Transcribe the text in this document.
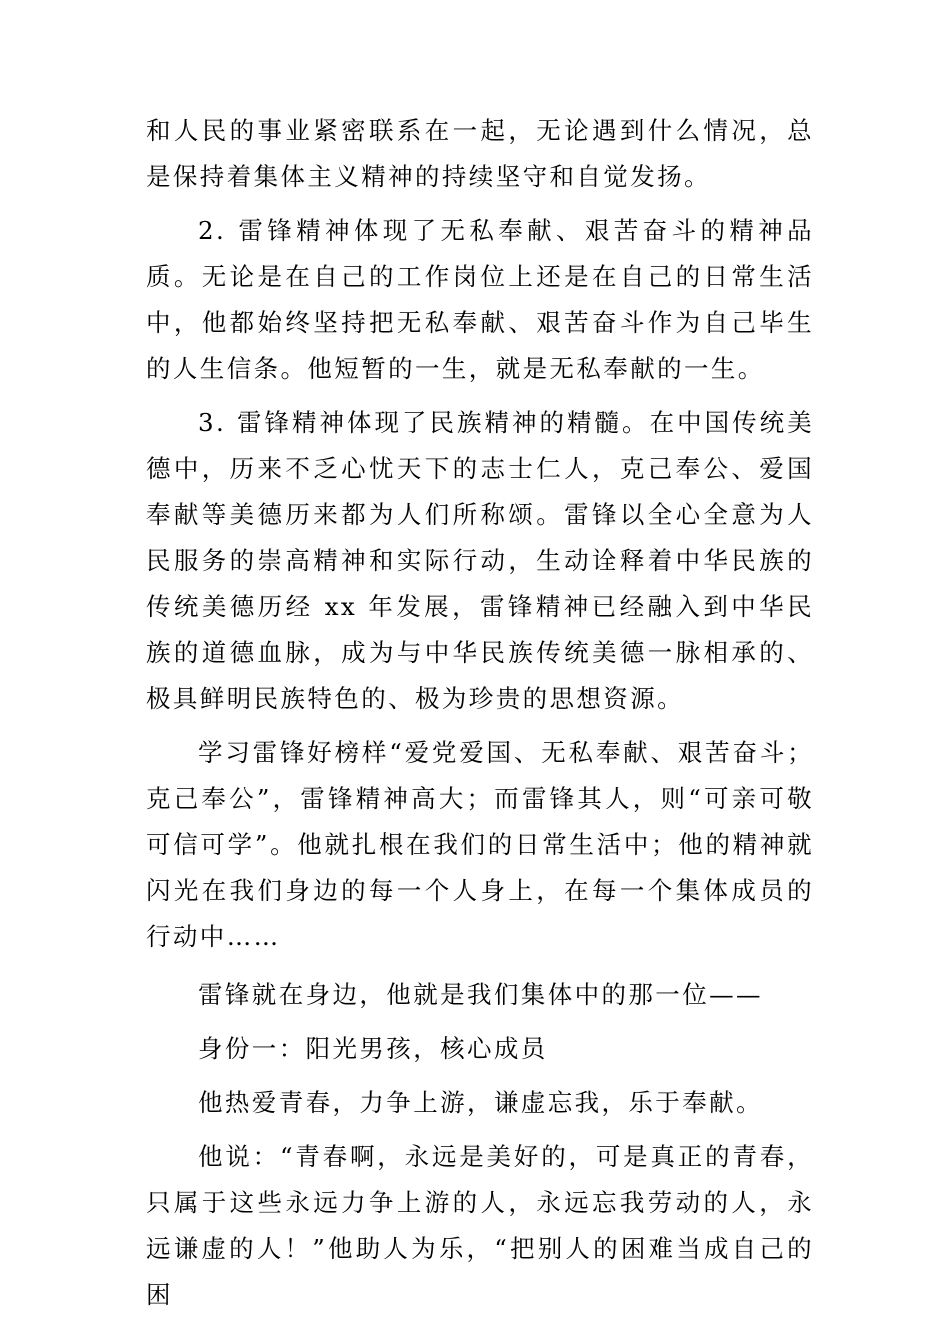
和人民的事业紧密联系在一起，无论遇到什么情况，总是保持着集体主义精神的持续坚守和自觉发扬。

2. 雷锋精神体现了无私奉献、艰苦奋斗的精神品质。无论是在自己的工作岗位上还是在自己的日常生活中，他都始终坚持把无私奉献、艰苦奋斗作为自己毕生的人生信条。他短暂的一生，就是无私奉献的一生。

3. 雷锋精神体现了民族精神的精髓。在中国传统美德中，历来不乏心忧天下的志士仁人，克己奉公、爱国奉献等美德历来都为人们所称颂。雷锋以全心全意为人民服务的崇高精神和实际行动，生动诠释着中华民族的传统美德历经 xx 年发展，雷锋精神已经融入到中华民族的道德血脉，成为与中华民族传统美德一脉相承的、极具鲜明民族特色的、极为珍贵的思想资源。

学习雷锋好榜样“爱党爱国、无私奉献、艰苦奋斗；克己奉公”，雷锋精神高大；而雷锋其人，则“可亲可敬可信可学”。他就扎根在我们的日常生活中；他的精神就闪光在我们身边的每一个人身上，在每一个集体成员的行动中……

雷锋就在身边，他就是我们集体中的那一位——

身份一：阳光男孩，核心成员

他热爱青春，力争上游，谦虚忘我，乐于奉献。

他说：“青春啊，永远是美好的，可是真正的青春，只属于这些永远力争上游的人，永远忘我劳动的人，永远谦虚的人！”他助人为乐，“把别人的困难当成自己的困
